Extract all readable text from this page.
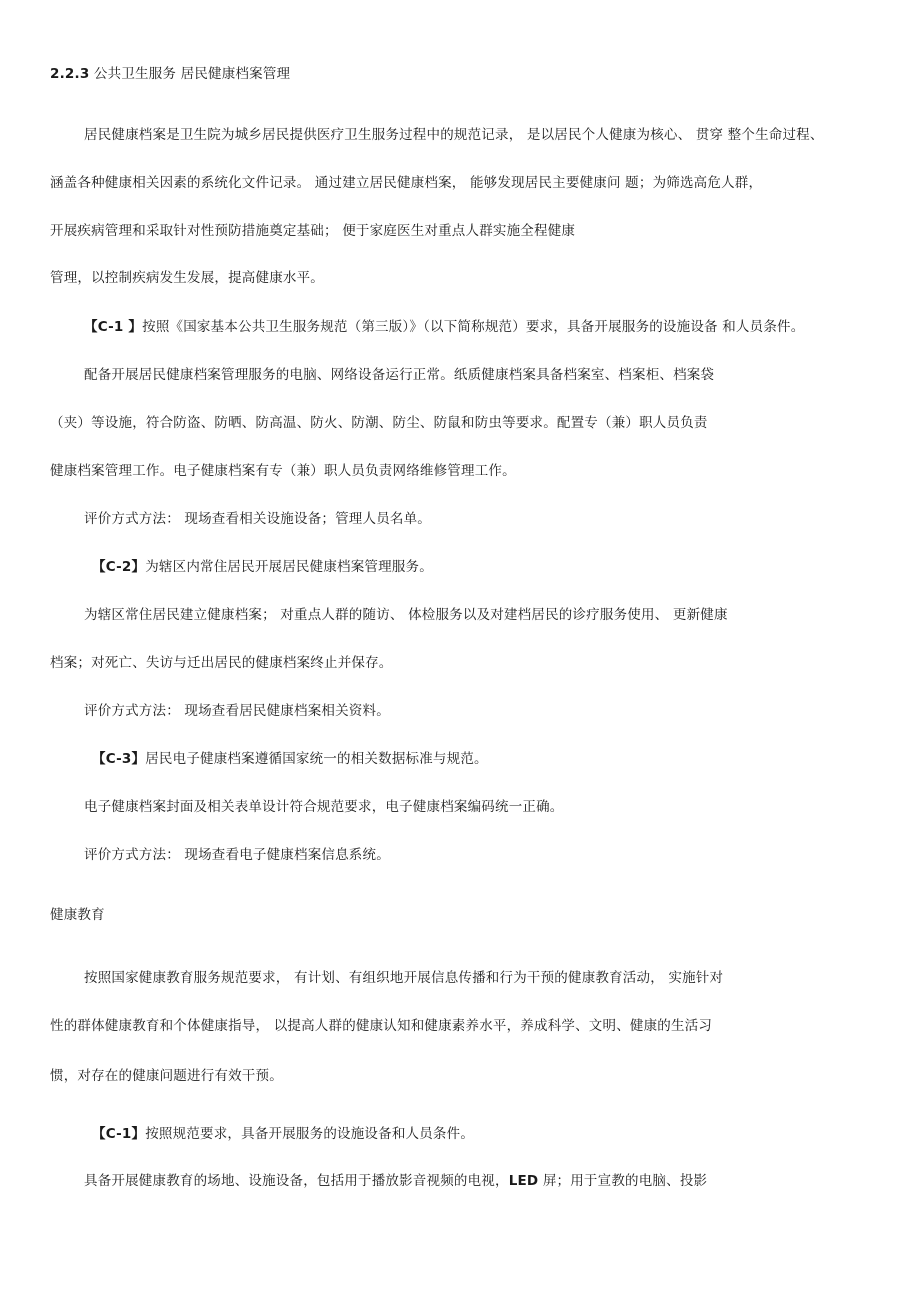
2.2.3 公共卫生服务 居民健康档案管理
居民健康档案是卫生院为城乡居民提供医疗卫生服务过程中的规范记录， 是以居民个人健康为核心、 贯穿 整个生命过程、
涵盖各种健康相关因素的系统化文件记录。 通过建立居民健康档案， 能够发现居民主要健康问 题；为筛选高危人群，
开展疾病管理和采取针对性预防措施奠定基础； 便于家庭医生对重点人群实施全程健康
管理，以控制疾病发生发展，提高健康水平。
【C-1 】按照《国家基本公共卫生服务规范（第三版）》（以下简称规范）要求，具备开展服务的设施设备 和人员条件。
配备开展居民健康档案管理服务的电脑、网络设备运行正常。纸质健康档案具备档案室、档案柜、档案袋
（夹）等设施，符合防盗、防晒、防高温、防火、防潮、防尘、防鼠和防虫等要求。配置专（兼）职人员负责
健康档案管理工作。电子健康档案有专（兼）职人员负责网络维修管理工作。
评价方式方法： 现场查看相关设施设备；管理人员名单。
【C-2】为辖区内常住居民开展居民健康档案管理服务。
为辖区常住居民建立健康档案； 对重点人群的随访、 体检服务以及对建档居民的诊疗服务使用、 更新健康
档案；对死亡、失访与迁出居民的健康档案终止并保存。
评价方式方法： 现场查看居民健康档案相关资料。
【C-3】居民电子健康档案遵循国家统一的相关数据标准与规范。
电子健康档案封面及相关表单设计符合规范要求，电子健康档案编码统一正确。
评价方式方法： 现场查看电子健康档案信息系统。
健康教育
按照国家健康教育服务规范要求， 有计划、有组织地开展信息传播和行为干预的健康教育活动， 实施针对
性的群体健康教育和个体健康指导， 以提高人群的健康认知和健康素养水平，养成科学、文明、健康的生活习
惯，对存在的健康问题进行有效干预。
【C-1】按照规范要求，具备开展服务的设施设备和人员条件。
具备开展健康教育的场地、设施设备，包括用于播放影音视频的电视，LED 屏；用于宣教的电脑、投影
